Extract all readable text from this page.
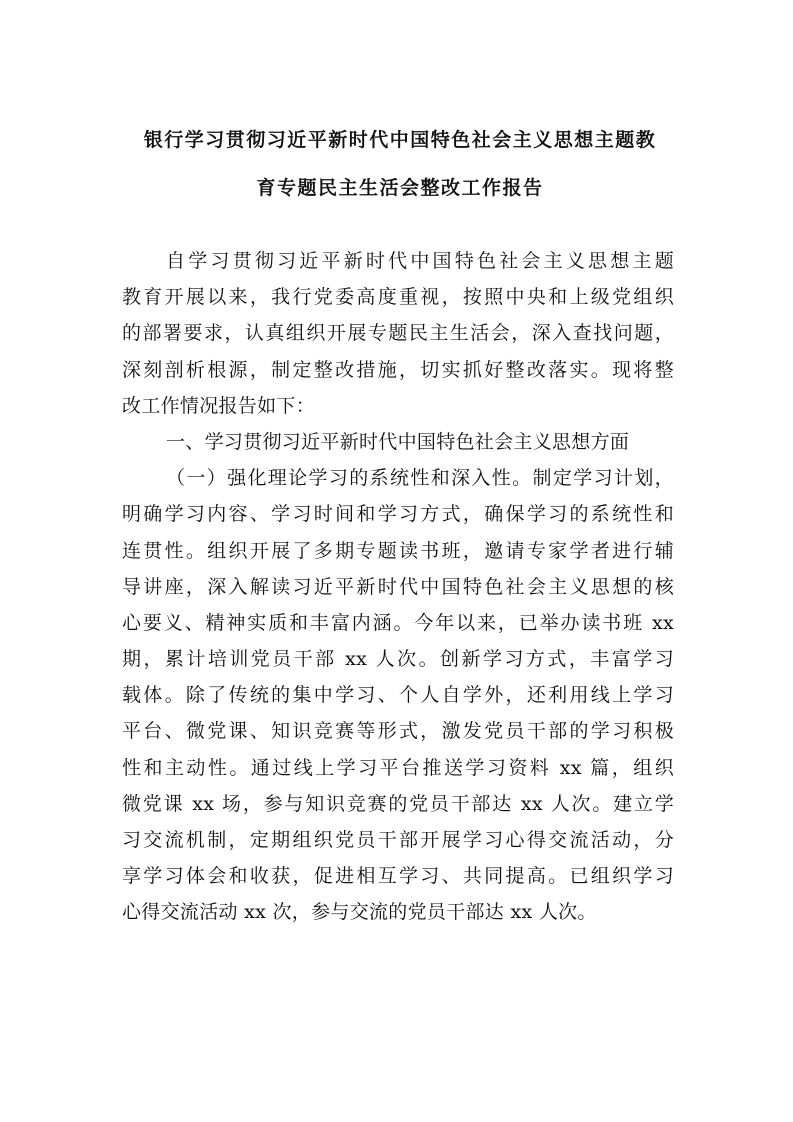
银行学习贯彻习近平新时代中国特色社会主义思想主题教
育专题民主生活会整改工作报告
自学习贯彻习近平新时代中国特色社会主义思想主题
教育开展以来，我行党委高度重视，按照中央和上级党组织
的部署要求，认真组织开展专题民主生活会，深入查找问题，
深刻剖析根源，制定整改措施，切实抓好整改落实。现将整
改工作情况报告如下：
一、学习贯彻习近平新时代中国特色社会主义思想方面
（一）强化理论学习的系统性和深入性。制定学习计划，
明确学习内容、学习时间和学习方式，确保学习的系统性和
连贯性。组织开展了多期专题读书班，邀请专家学者进行辅
导讲座，深入解读习近平新时代中国特色社会主义思想的核
心要义、精神实质和丰富内涵。今年以来，已举办读书班 xx
期，累计培训党员干部 xx 人次。创新学习方式，丰富学习
载体。除了传统的集中学习、个人自学外，还利用线上学习
平台、微党课、知识竞赛等形式，激发党员干部的学习积极
性和主动性。通过线上学习平台推送学习资料 xx 篇，组织
微党课 xx 场，参与知识竞赛的党员干部达 xx 人次。建立学
习交流机制，定期组织党员干部开展学习心得交流活动，分
享学习体会和收获，促进相互学习、共同提高。已组织学习
心得交流活动 xx 次，参与交流的党员干部达 xx 人次。
